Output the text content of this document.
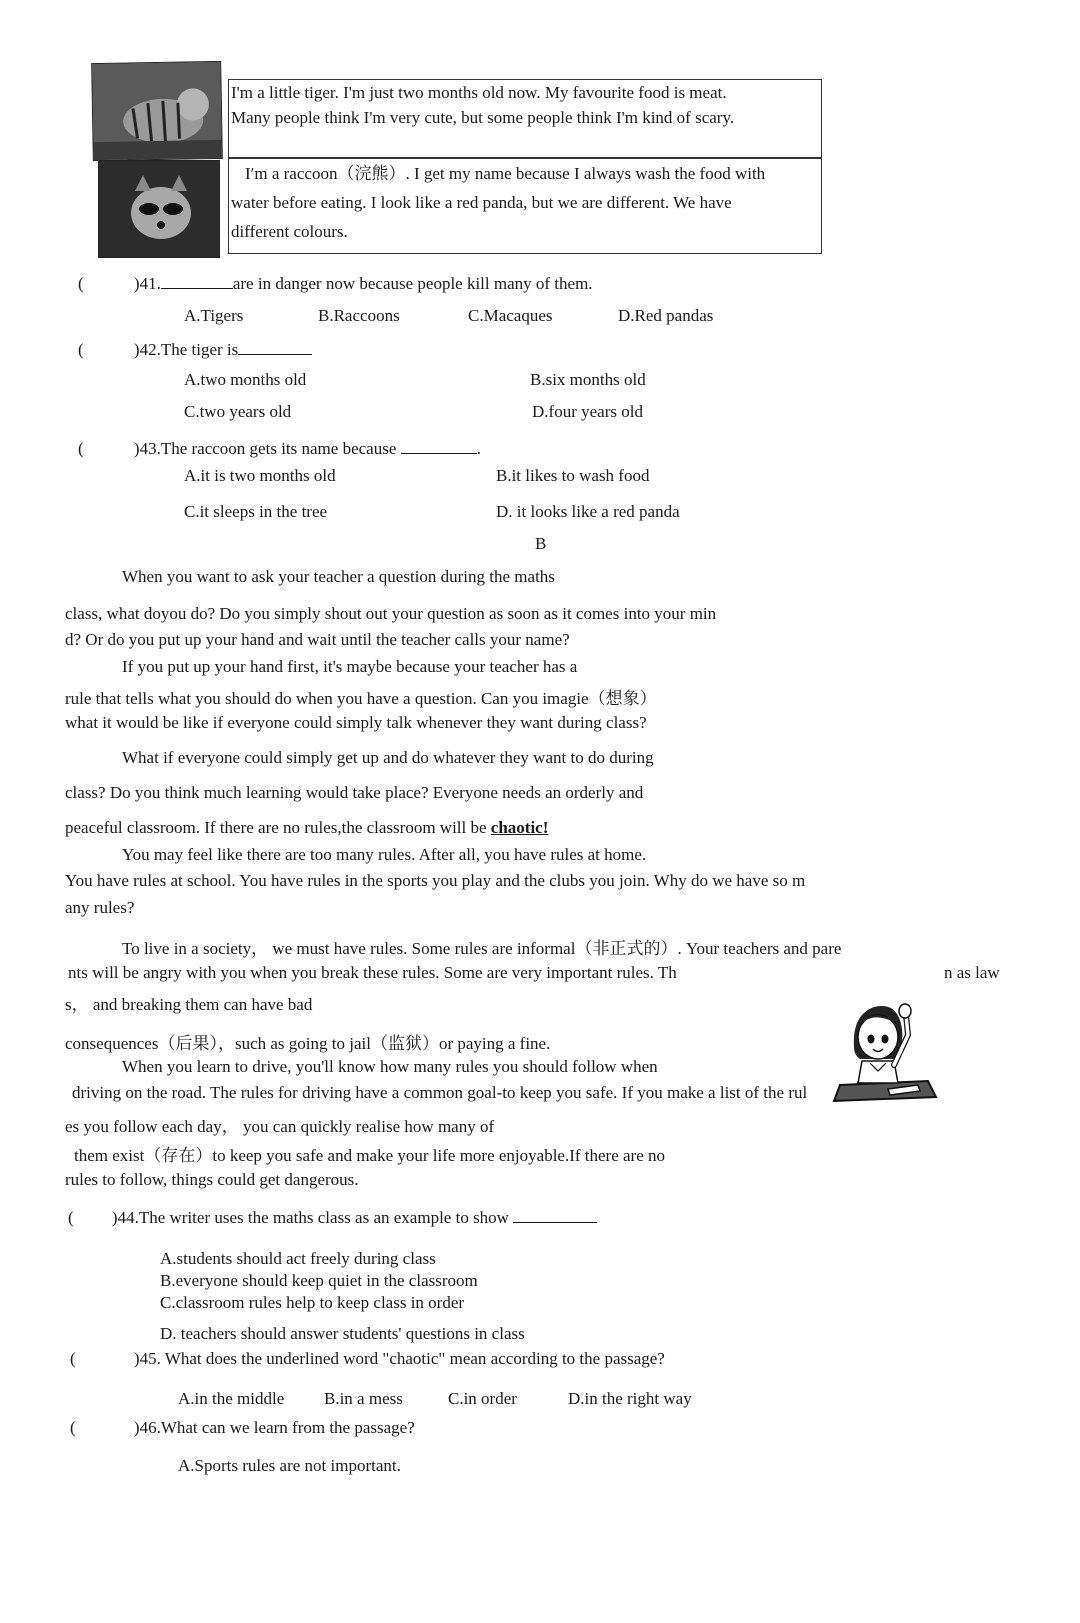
I'm a little tiger. I'm just two months old now. My favourite food is meat.
Many people think I'm very cute, but some people think I'm kind of scary.
I′m a raccoon（浣熊）. I get my name because I always wash the food with
water before eating. I look like a red panda, but we are different. We have
different colours.
(	)41.	are in danger now because people kill many of them.
A.Tigers	B.Raccoons	C.Macaques	D.Red pandas
(	)42.The tiger is
A.two months old	B.six months old
C.two years old	D.four years old
(	)43.The raccoon gets its name because	.
A.it is two months old	B.it likes to wash food
C.it sleeps in the tree	D. it looks like a red panda
B
When you want to ask your teacher a question during the maths
class, what doyou do? Do you simply shout out your question as soon as it comes into your min
d? Or do you put up your hand and wait until the teacher calls your name?
If you put up your hand first, it's maybe because your teacher has a
rule that tells what you should do when you have a question. Can you imagie（想象）
what it would be like if everyone could simply talk whenever they want during class?
What if everyone could simply get up and do whatever they want to do during
class? Do you think much learning would take place? Everyone needs an orderly and
peaceful classroom. If there are no rules,the classroom will be chaotic!
You may feel like there are too many rules. After all, you have rules at home.
You have rules at school. You have rules in the sports you play and the clubs you join. Why do we have so m
any rules?
To live in a society， we must have rules. Some rules are informal（非正式的）. Your teachers and pare
nts will be angry with you when you break these rules. Some are very important rules. Th	n as law
s， and breaking them can have bad
consequences（后果），such as going to jail（监狱）or paying a fine.
When you learn to drive, you'll know how many rules you should follow when
driving on the road. The rules for driving have a common goal-to keep you safe. If you make a list of the rul
es you follow each day， you can quickly realise how many of
them exist（存在）to keep you safe and make your life more enjoyable.If there are no
rules to follow, things could get dangerous.
( )44.The writer uses the maths class as an example to show
A.students should act freely during class
B.everyone should keep quiet in the classroom
C.classroom rules help to keep class in order
D. teachers should answer students' questions in class
(	)45. What does the underlined word "chaotic" mean according to the passage?
A.in the middle B.in a mess	C.in order	D.in the right way
(	)46.What can we learn from the passage?
A.Sports rules are not important.
